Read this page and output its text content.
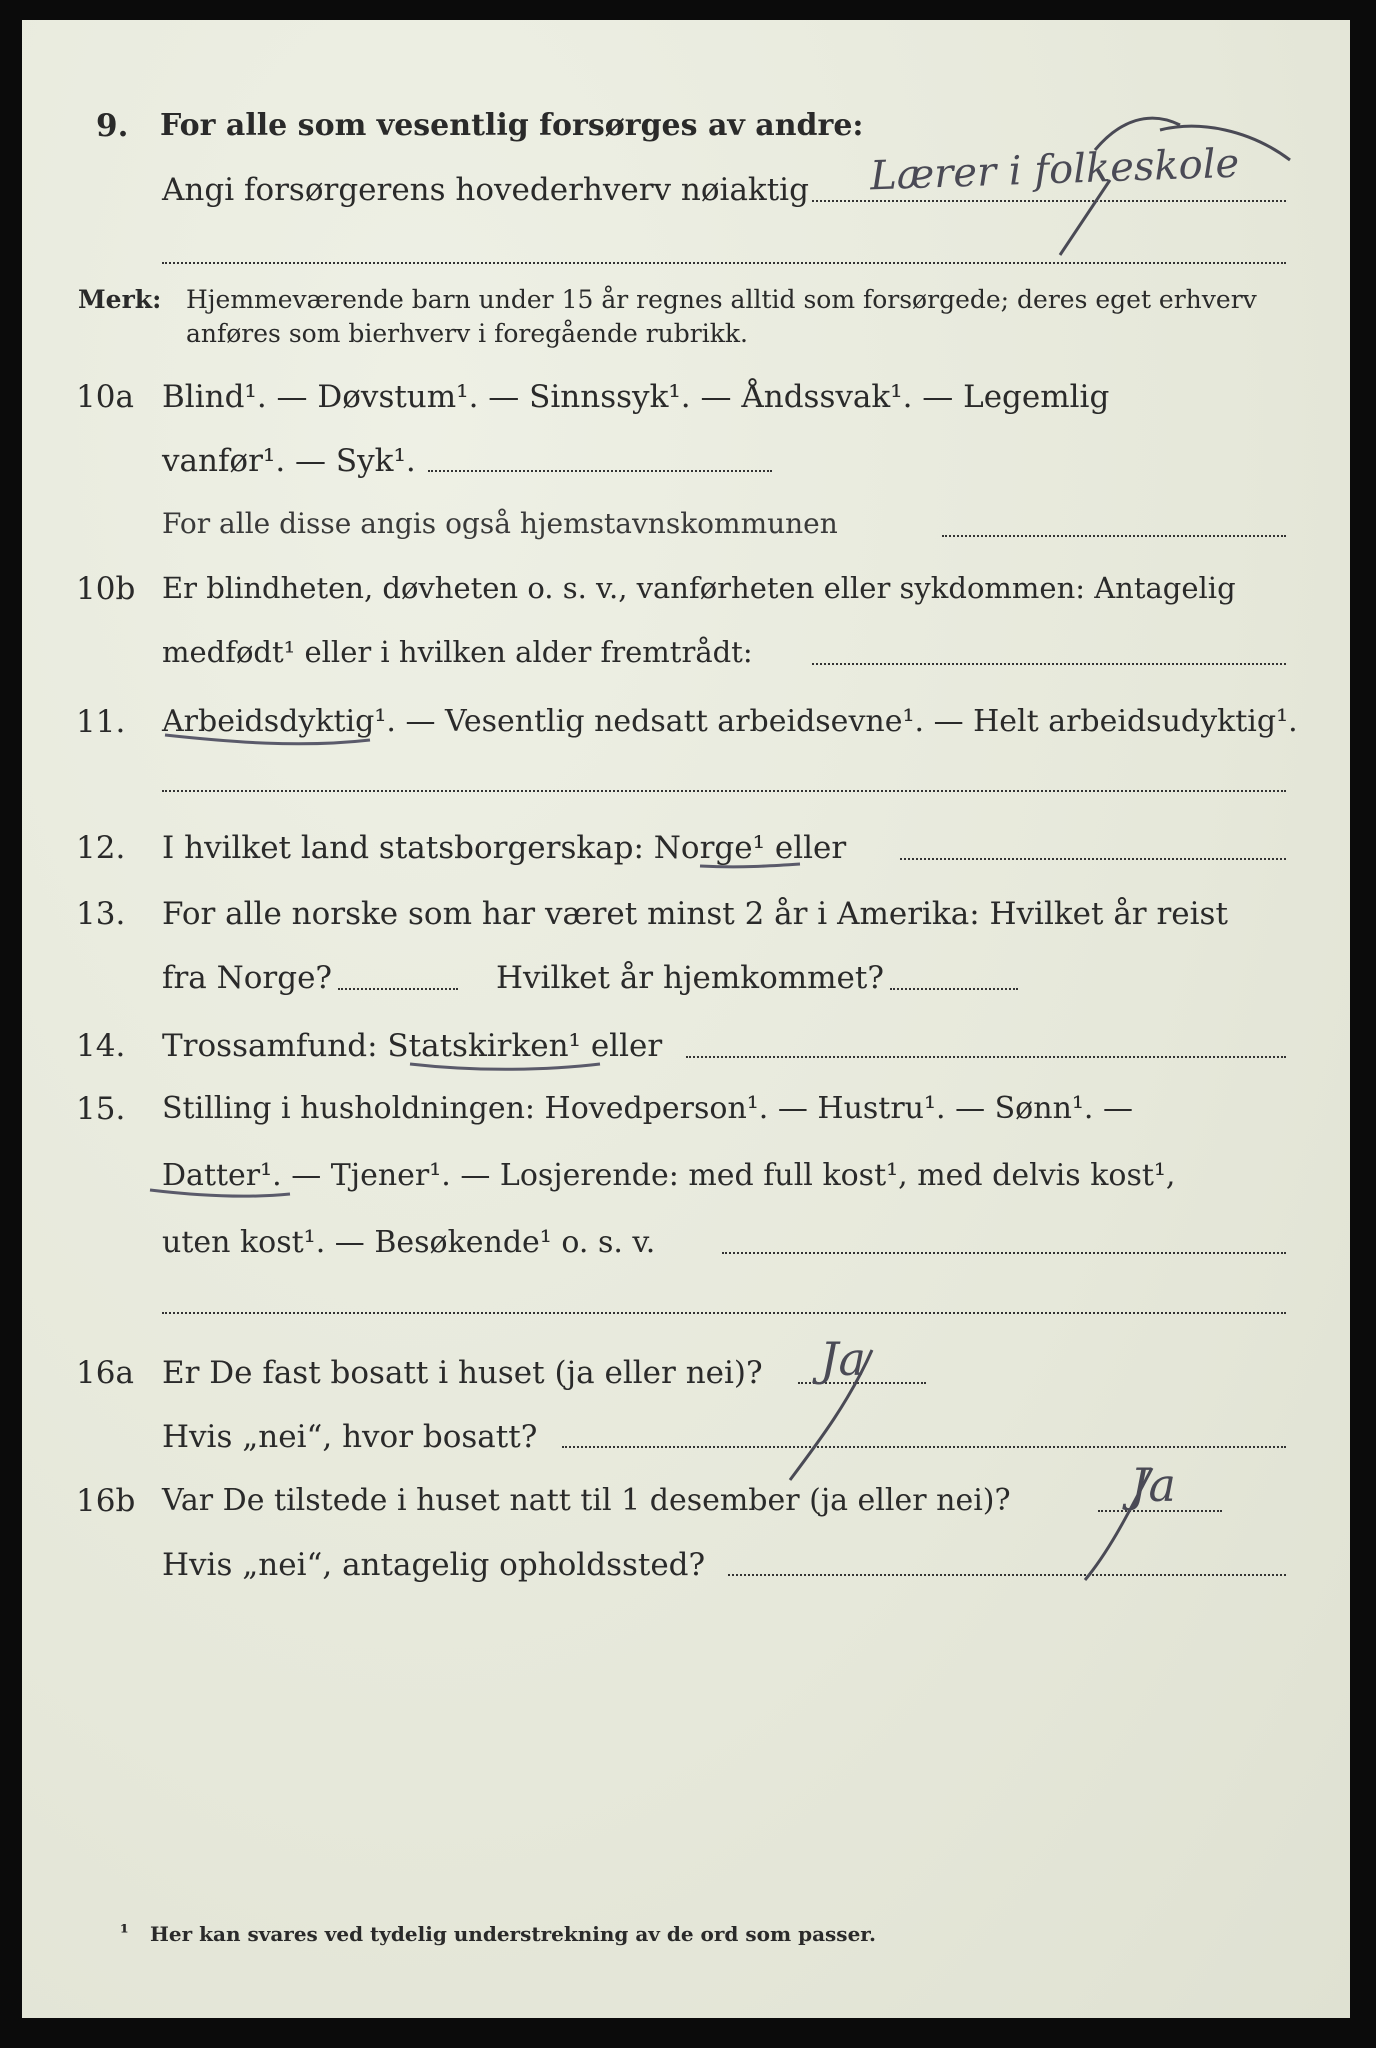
9. For alle som vesentlig forsørges av andre:
Angi forsørgerens hovederhverv nøiaktig Lærer i folkeskole
Merk: Hjemmeværende barn under 15 år regnes alltid som forsørgede; deres eget erhverv
anføres som bierhverv i foregående rubrikk.
10a Blind¹. — Døvstum¹. — Sinnssyk¹. — Åndssvak¹. — Legemlig
vanfør¹. — Syk¹.
For alle disse angis også hjemstavnskommunen
10b Er blindheten, døvheten o. s. v., vanførheten eller sykdommen: Antagelig
medfødt¹ eller i hvilken alder fremtrådt:
11. Arbeidsdyktig¹. — Vesentlig nedsatt arbeidsevne¹. — Helt arbeidsudyktig¹.
12. I hvilket land statsborgerskap: Norge¹ eller
13. For alle norske som har været minst 2 år i Amerika: Hvilket år reist
fra Norge?	Hvilket år hjemkommet?
14. Trossamfund: Statskirken¹ eller
15. Stilling i husholdningen: Hovedperson¹. — Hustru¹. — Sønn¹. —
Datter¹. — Tjener¹. — Losjerende: med full kost¹, med delvis kost¹,
uten kost¹. — Besøkende¹ o. s. v.
16a Er De fast bosatt i huset (ja eller nei)? Ja
Hvis „nei“, hvor bosatt?
16b Var De tilstede i huset natt til 1 desember (ja eller nei)?	Ja
Hvis „nei“, antagelig opholdssted?
¹ Her kan svares ved tydelig understrekning av de ord som passer.
